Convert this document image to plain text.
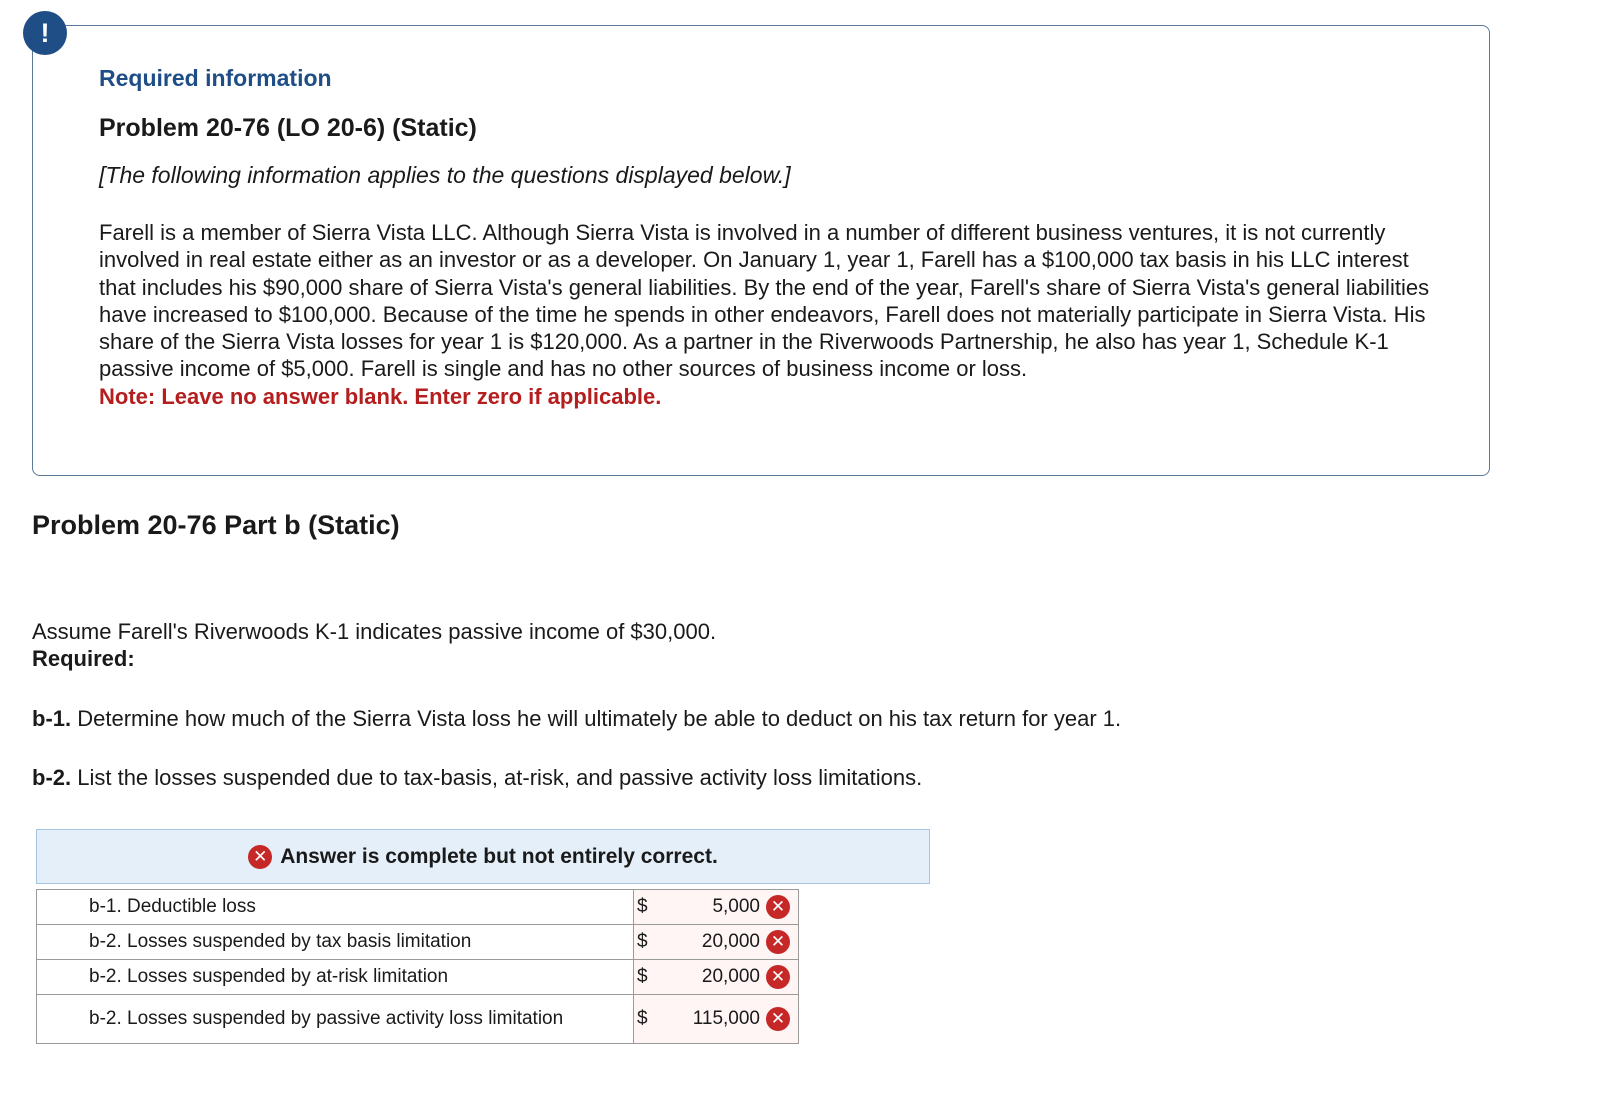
!

Required information

Problem 20-76 (LO 20-6) (Static)

[The following information applies to the questions displayed below.]

Farell is a member of Sierra Vista LLC. Although Sierra Vista is involved in a number of different business ventures, it is not currently involved in real estate either as an investor or as a developer. On January 1, year 1, Farell has a $100,000 tax basis in his LLC interest that includes his $90,000 share of Sierra Vista's general liabilities. By the end of the year, Farell's share of Sierra Vista's general liabilities have increased to $100,000. Because of the time he spends in other endeavors, Farell does not materially participate in Sierra Vista. His share of the Sierra Vista losses for year 1 is $120,000. As a partner in the Riverwoods Partnership, he also has year 1, Schedule K-1 passive income of $5,000. Farell is single and has no other sources of business income or loss.

Note: Leave no answer blank. Enter zero if applicable.

Problem 20-76 Part b (Static)
Assume Farell's Riverwoods K-1 indicates passive income of $30,000.
Required:
b-1. Determine how much of the Sierra Vista loss he will ultimately be able to deduct on his tax return for year 1.
b-2. List the losses suspended due to tax-basis, at-risk, and passive activity loss limitations.
✕ Answer is complete but not entirely correct.
b-1. Deductible loss	$ 5,000 ✕

b-2. Losses suspended by tax basis limitation	$ 20,000 ✕

b-2. Losses suspended by at-risk limitation	$ 20,000 ✕

b-2. Losses suspended by passive activity loss limitation	$ 115,000 ✕
